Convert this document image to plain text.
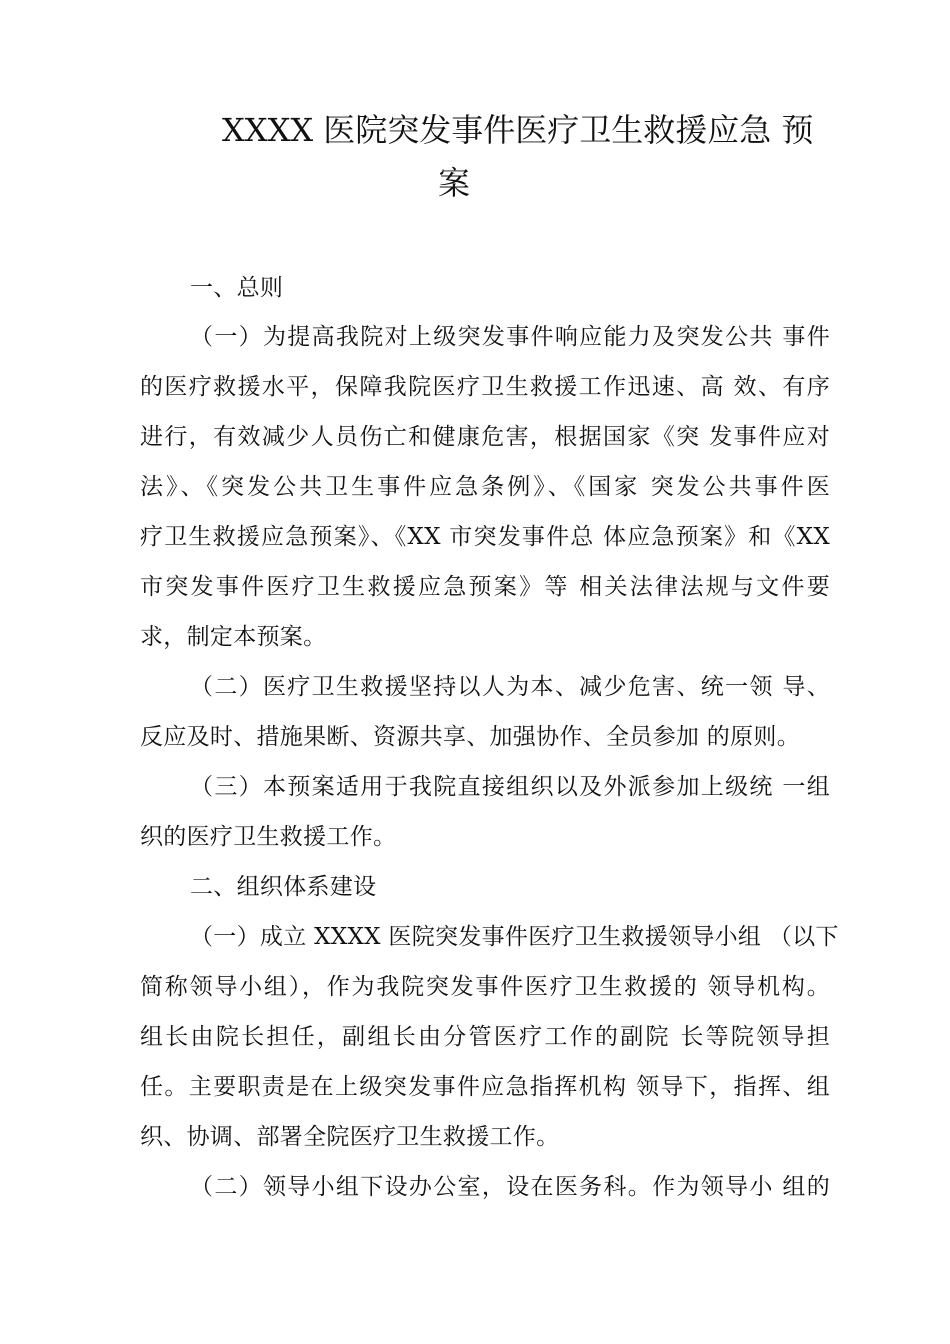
XXXX 医院突发事件医疗卫生救援应急 预
案
一、总则
（一）为提高我院对上级突发事件响应能力及突发公共 事件
的医疗救援水平，保障我院医疗卫生救援工作迅速、高 效、有序
进行，有效减少人员伤亡和健康危害，根据国家《突 发事件应对
法》、《突发公共卫生事件应急条例》、《国家 突发公共事件医
疗卫生救援应急预案》、《XX 市突发事件总 体应急预案》和《XX
市突发事件医疗卫生救援应急预案》等 相关法律法规与文件要
求，制定本预案。
（二）医疗卫生救援坚持以人为本、减少危害、统一领 导、
反应及时、措施果断、资源共享、加强协作、全员参加 的原则。
（三）本预案适用于我院直接组织以及外派参加上级统 一组
织的医疗卫生救援工作。
二、组织体系建设
（一）成立 XXXX 医院突发事件医疗卫生救援领导小组 （以下
简称领导小组），作为我院突发事件医疗卫生救援的 领导机构。
组长由院长担任，副组长由分管医疗工作的副院 长等院领导担
任。主要职责是在上级突发事件应急指挥机构 领导下，指挥、组
织、协调、部署全院医疗卫生救援工作。
（二）领导小组下设办公室，设在医务科。作为领导小 组的
